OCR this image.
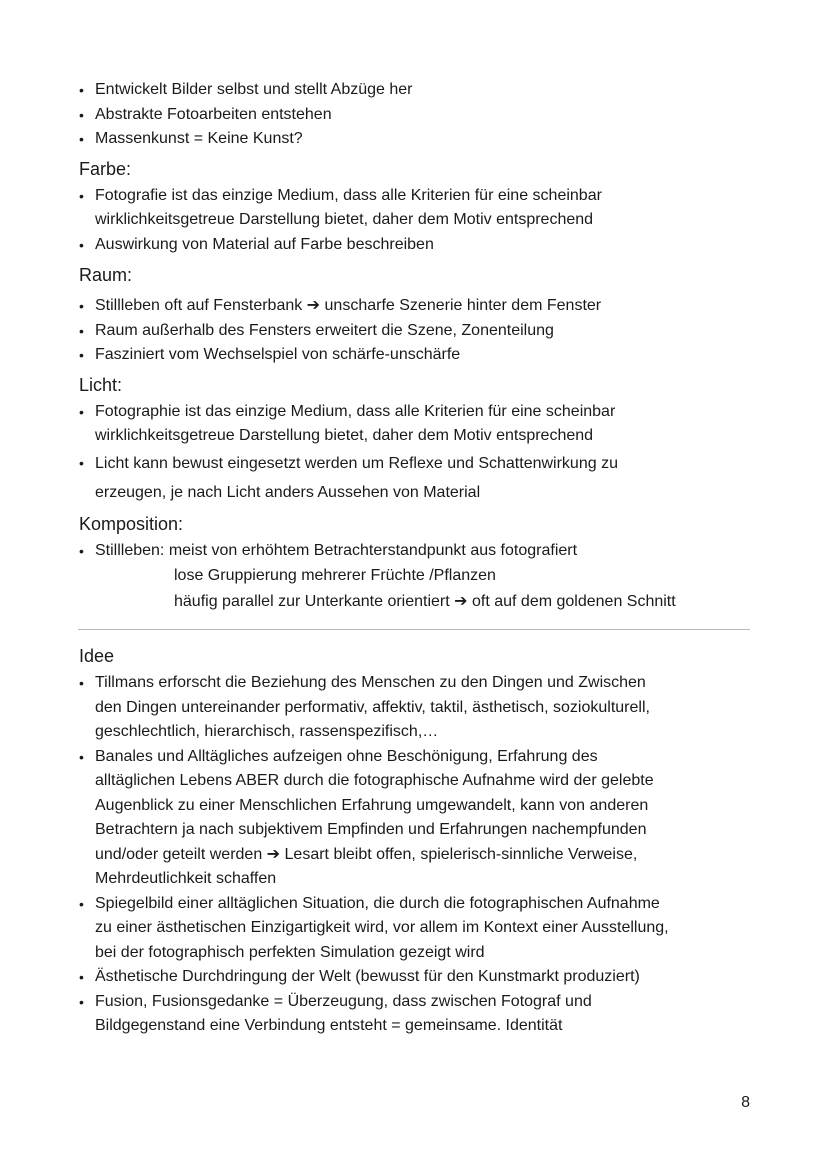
• Entwickelt Bilder selbst und stellt Abzüge her
• Abstrakte Fotoarbeiten entstehen
• Massenkunst = Keine Kunst?
Farbe:
• Fotografie ist das einzige Medium, dass alle Kriterien für eine scheinbar
wirklichkeitsgetreue Darstellung bietet, daher dem Motiv entsprechend
• Auswirkung von Material auf Farbe beschreiben
Raum:
• Stillleben oft auf Fensterbank ➔ unscharfe Szenerie hinter dem Fenster
• Raum außerhalb des Fensters erweitert die Szene, Zonenteilung
• Fasziniert vom Wechselspiel von schärfe-unschärfe
Licht:
• Fotographie ist das einzige Medium, dass alle Kriterien für eine scheinbar
wirklichkeitsgetreue Darstellung bietet, daher dem Motiv entsprechend
• Licht kann bewust eingesetzt werden um Reflexe und Schattenwirkung zu
erzeugen, je nach Licht anders Aussehen von Material
Komposition:
• Stillleben: meist von erhöhtem Betrachterstandpunkt aus fotografiert
lose Gruppierung mehrerer Früchte /Pflanzen
häufig parallel zur Unterkante orientiert ➔ oft auf dem goldenen Schnitt
Idee
• Tillmans erforscht die Beziehung des Menschen zu den Dingen und Zwischen
den Dingen untereinander performativ, affektiv, taktil, ästhetisch, soziokulturell,
geschlechtlich, hierarchisch, rassenspezifisch,…
• Banales und Alltägliches aufzeigen ohne Beschönigung, Erfahrung des
alltäglichen Lebens ABER durch die fotographische Aufnahme wird der gelebte
Augenblick zu einer Menschlichen Erfahrung umgewandelt, kann von anderen
Betrachtern ja nach subjektivem Empfinden und Erfahrungen nachempfunden
und/oder geteilt werden ➔ Lesart bleibt offen, spielerisch-sinnliche Verweise,
Mehrdeutlichkeit schaffen
• Spiegelbild einer alltäglichen Situation, die durch die fotographischen Aufnahme
zu einer ästhetischen Einzigartigkeit wird, vor allem im Kontext einer Ausstellung,
bei der fotographisch perfekten Simulation gezeigt wird
• Ästhetische Durchdringung der Welt (bewusst für den Kunstmarkt produziert)
• Fusion, Fusionsgedanke = Überzeugung, dass zwischen Fotograf und
Bildgegenstand eine Verbindung entsteht = gemeinsame. Identität
8
